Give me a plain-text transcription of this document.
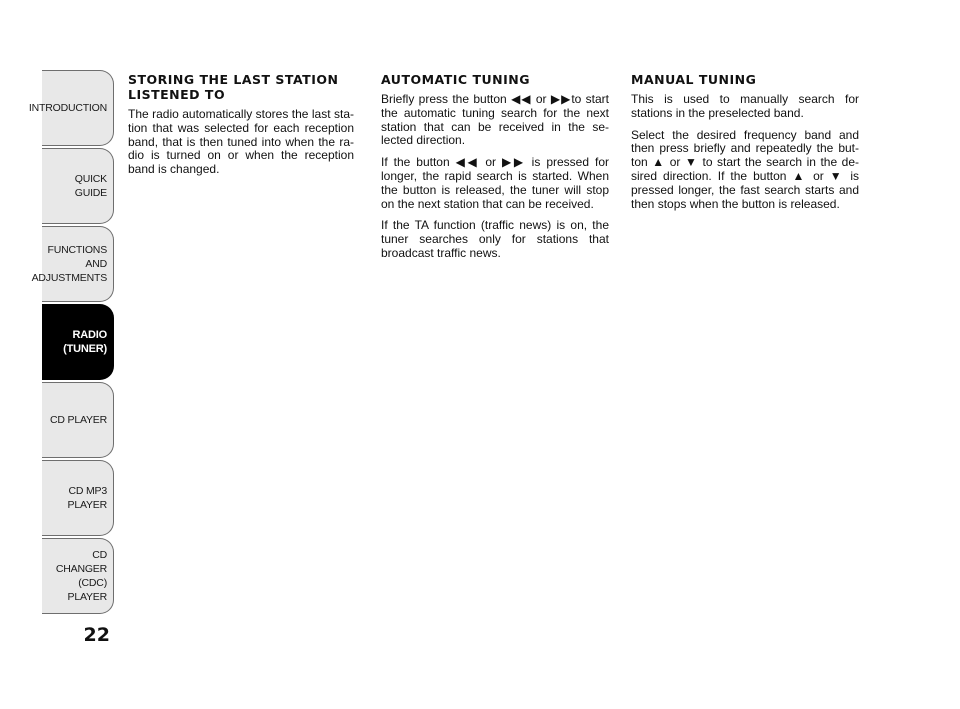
INTRODUCTION
QUICK
GUIDE
FUNCTIONS
AND
ADJUSTMENTS
RADIO
(TUNER)
CD PLAYER
CD MP3
PLAYER
CD CHANGER
(CDC) PLAYER
22
STORING THE LAST STATION
LISTENED TO

The radio automatically stores the last sta-tion that was selected for each reception band, that is then tuned into when the ra-dio is turned on or when the reception band is changed.

AUTOMATIC TUNING

Briefly press the button ◀◀ or ▶▶to start the automatic tuning search for the next station that can be received in the se-lected direction.

If the button ◀◀ or ▶▶ is pressed for longer, the rapid search is started. When the button is released, the tuner will stop on the next station that can be received.

If the TA function (traffic news) is on, the tuner searches only for stations that broadcast traffic news.

MANUAL TUNING

This is used to manually search for stations in the preselected band.

Select the desired frequency band and then press briefly and repeatedly the but-ton ▲ or ▼ to start the search in the de-sired direction. If the button ▲ or ▼ is pressed longer, the fast search starts and then stops when the button is released.
